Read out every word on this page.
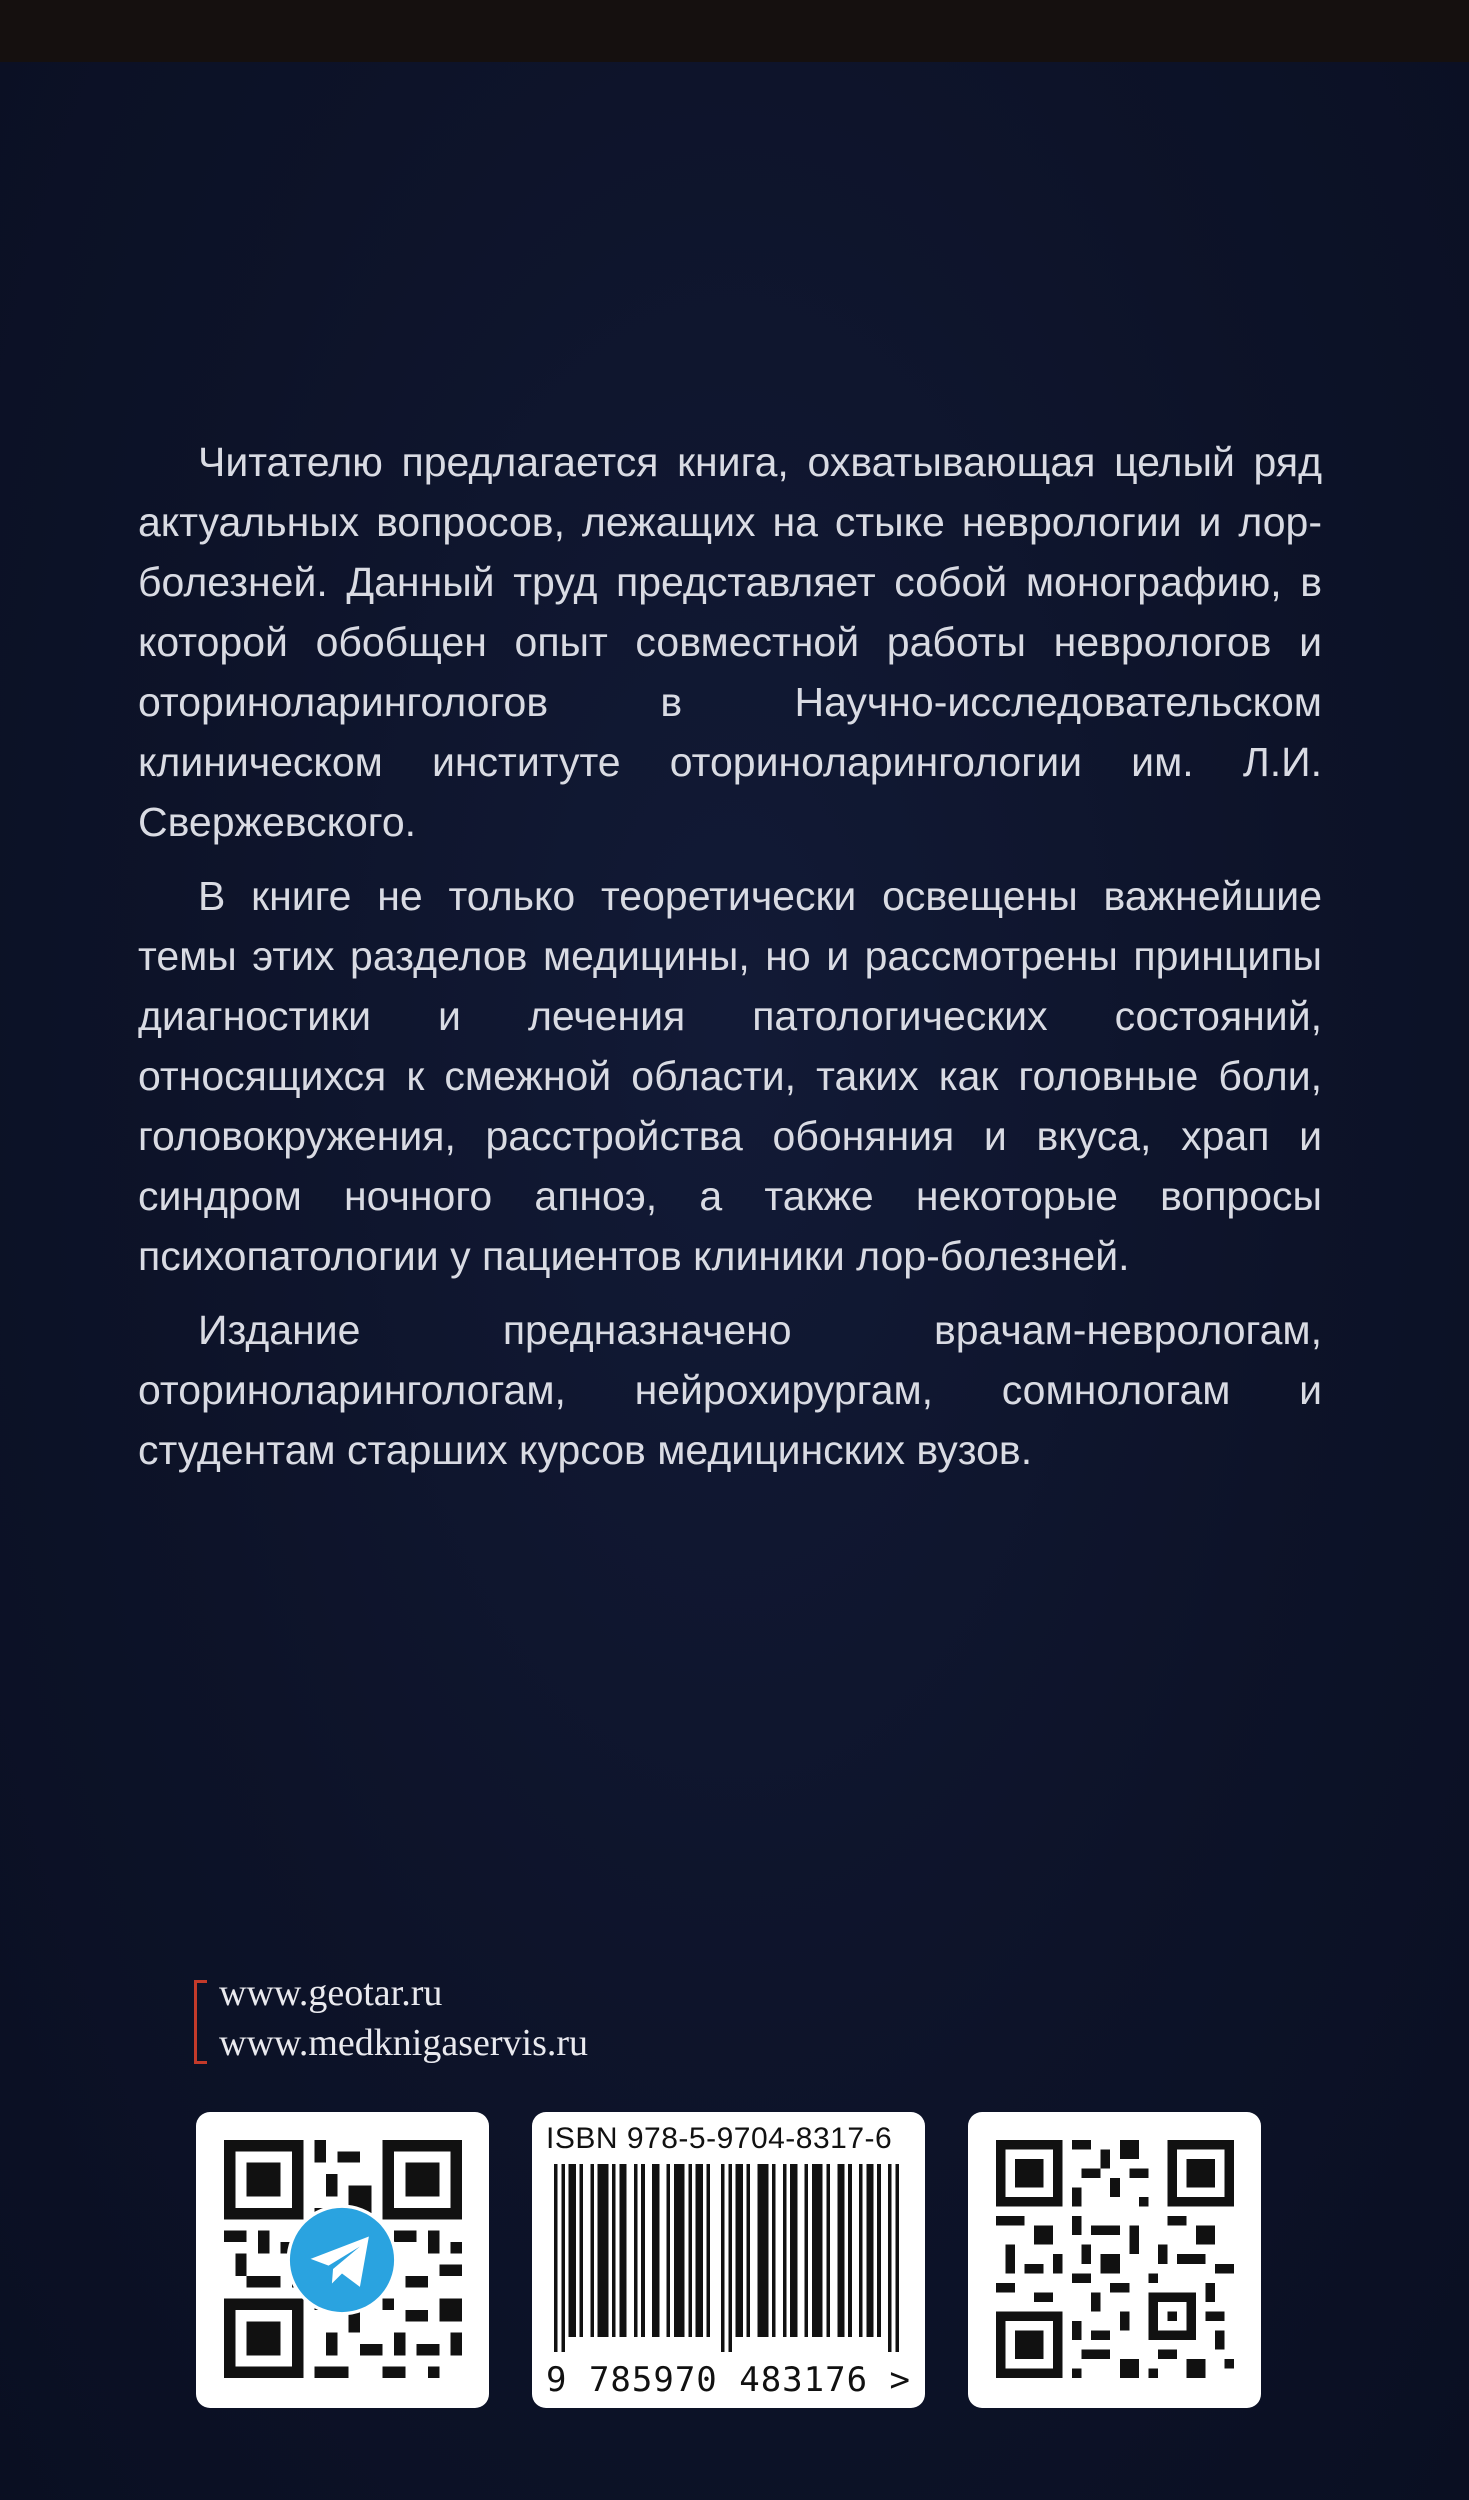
Читателю предлагается книга, охватывающая целый ряд актуальных вопросов, лежащих на стыке неврологии и лор-болезней. Данный труд представляет собой монографию, в которой обобщен опыт совместной работы неврологов и оториноларингологов в Научно-исследовательском клиническом институте оториноларингологии им. Л.И. Свержевского.

В книге не только теоретически освещены важнейшие темы этих разделов медицины, но и рассмотрены принципы диагностики и лечения патологических состояний, относящихся к смежной области, таких как головные боли, головокружения, расстройства обоняния и вкуса, храп и синдром ночного апноэ, а также некоторые вопросы психопатологии у пациентов клиники лор-болезней.

Издание предназначено врачам-неврологам, оториноларингологам, нейрохирургам, сомнологам и студентам старших курсов медицинских вузов.

www.geotar.ru
www.medknigaservis.ru
ISBN 978-5-9704-8317-6
9 785970 483176 >
